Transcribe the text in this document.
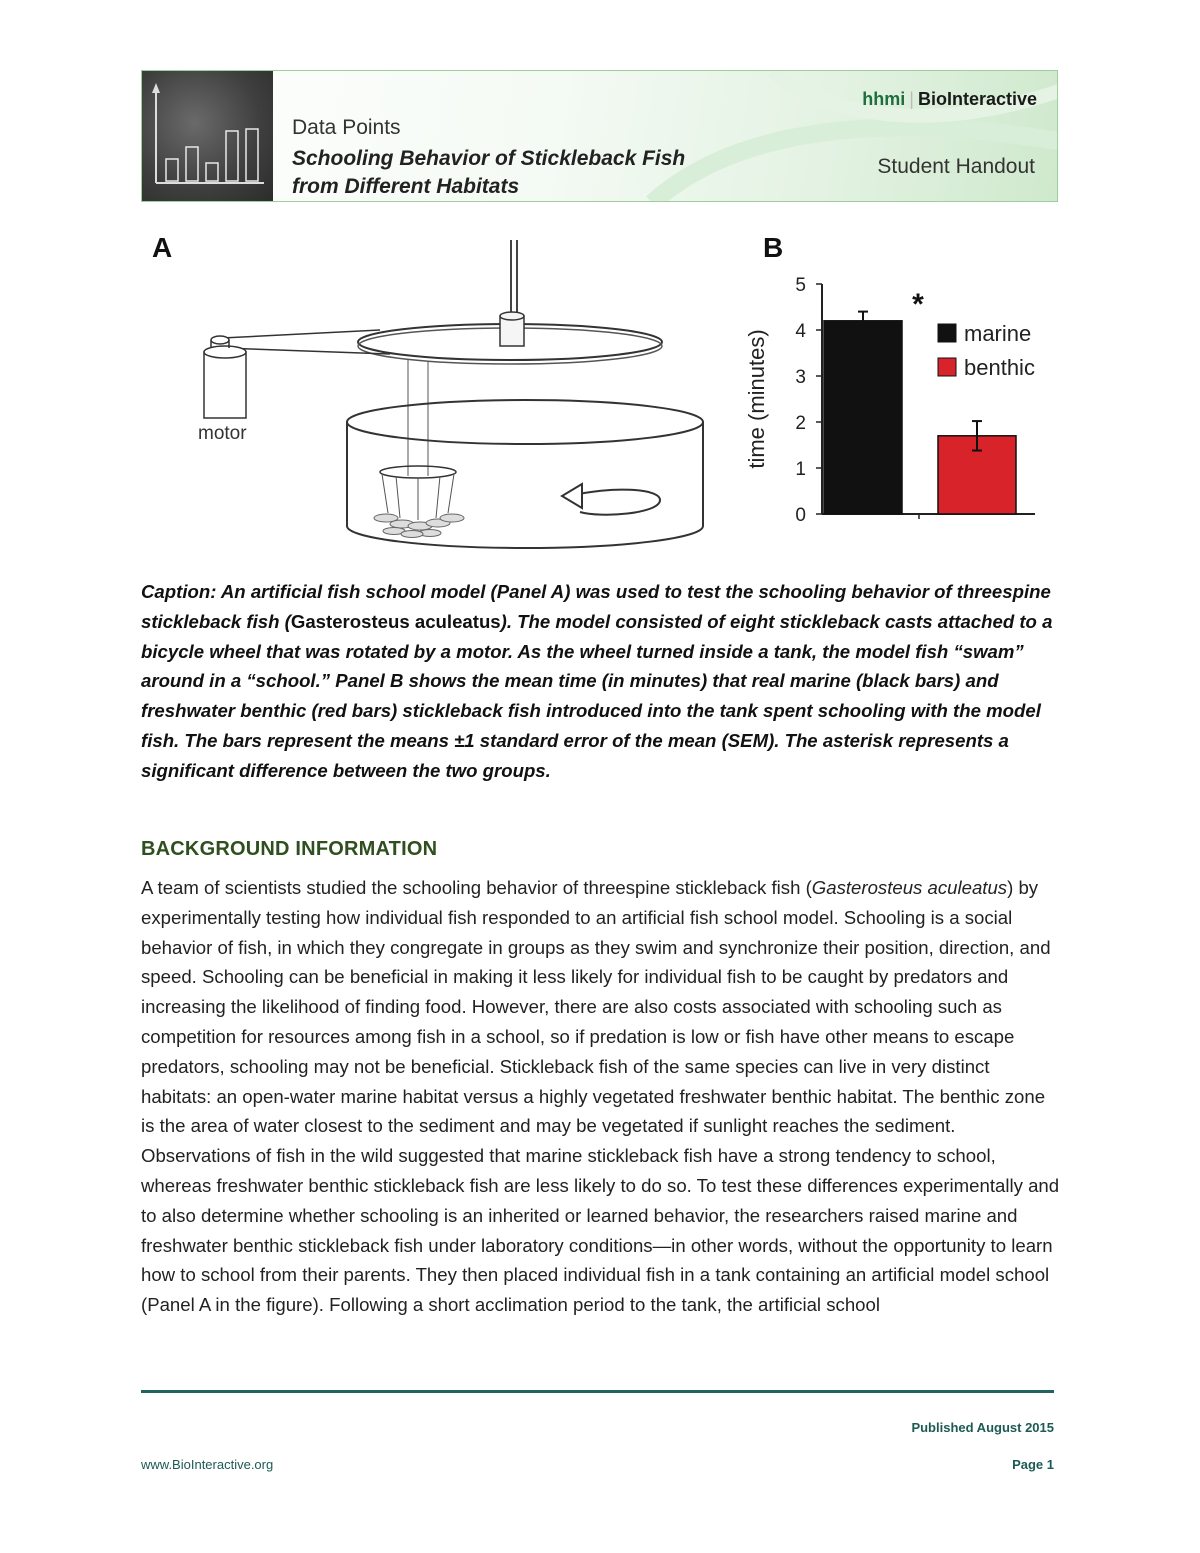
Data Points
Schooling Behavior of Stickleback Fish
from Different Habitats
hhmi | BioInteractive
Student Handout
A
motor
B
0
1
2
3
4
5
time (minutes)
*
marine
benthic

Caption: An artificial fish school model (Panel A) was used to test the schooling behavior of threespine stickleback fish (Gasterosteus aculeatus). The model consisted of eight stickleback casts attached to a bicycle wheel that was rotated by a motor. As the wheel turned inside a tank, the model fish “swam” around in a “school.” Panel B shows the mean time (in minutes) that real marine (black bars) and freshwater benthic (red bars) stickleback fish introduced into the tank spent schooling with the model fish. The bars represent the means ±1 standard error of the mean (SEM). The asterisk represents a significant difference between the two groups.

BACKGROUND INFORMATION

A team of scientists studied the schooling behavior of threespine stickleback fish (Gasterosteus aculeatus) by experimentally testing how individual fish responded to an artificial fish school model. Schooling is a social behavior of fish, in which they congregate in groups as they swim and synchronize their position, direction, and speed. Schooling can be beneficial in making it less likely for individual fish to be caught by predators and increasing the likelihood of finding food. However, there are also costs associated with schooling such as competition for resources among fish in a school, so if predation is low or fish have other means to escape predators, schooling may not be beneficial. Stickleback fish of the same species can live in very distinct habitats: an open-water marine habitat versus a highly vegetated freshwater benthic habitat. The benthic zone is the area of water closest to the sediment and may be vegetated if sunlight reaches the sediment. Observations of fish in the wild suggested that marine stickleback fish have a strong tendency to school, whereas freshwater benthic stickleback fish are less likely to do so. To test these differences experimentally and to also determine whether schooling is an inherited or learned behavior, the researchers raised marine and freshwater benthic stickleback fish under laboratory conditions—in other words, without the opportunity to learn how to school from their parents. They then placed individual fish in a tank containing an artificial model school (Panel A in the figure). Following a short acclimation period to the tank, the artificial school

Published August 2015
www.BioInteractive.org	Page 1
